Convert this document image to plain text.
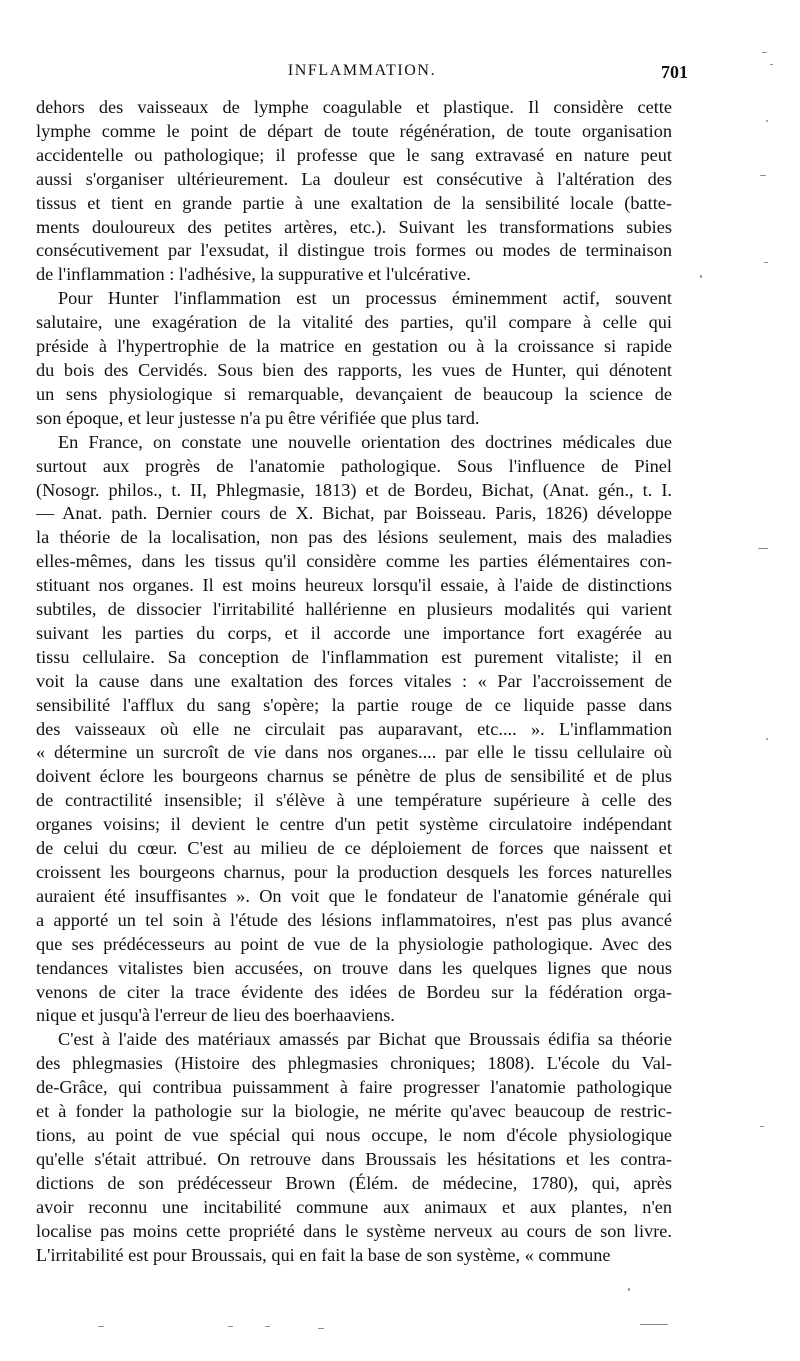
INFLAMMATION.	701

dehors des vaisseaux de lymphe coagulable et plastique. Il considère cette
lymphe comme le point de départ de toute régénération, de toute organisation
accidentelle ou pathologique; il professe que le sang extravasé en nature peut
aussi s'organiser ultérieurement. La douleur est consécutive à l'altération des
tissus et tient en grande partie à une exaltation de la sensibilité locale (batte-
ments douloureux des petites artères, etc.). Suivant les transformations subies
consécutivement par l'exsudat, il distingue trois formes ou modes de terminaison
de l'inflammation : l'adhésive, la suppurative et l'ulcérative.

Pour Hunter l'inflammation est un processus éminemment actif, souvent
salutaire, une exagération de la vitalité des parties, qu'il compare à celle qui
préside à l'hypertrophie de la matrice en gestation ou à la croissance si rapide
du bois des Cervidés. Sous bien des rapports, les vues de Hunter, qui dénotent
un sens physiologique si remarquable, devançaient de beaucoup la science de
son époque, et leur justesse n'a pu être vérifiée que plus tard.

En France, on constate une nouvelle orientation des doctrines médicales due
surtout aux progrès de l'anatomie pathologique. Sous l'influence de Pinel
(Nosogr. philos., t. II, Phlegmasie, 1813) et de Bordeu, Bichat, (Anat. gén., t. I.
— Anat. path. Dernier cours de X. Bichat, par Boisseau. Paris, 1826) développe
la théorie de la localisation, non pas des lésions seulement, mais des maladies
elles-mêmes, dans les tissus qu'il considère comme les parties élémentaires con-
stituant nos organes. Il est moins heureux lorsqu'il essaie, à l'aide de distinctions
subtiles, de dissocier l'irritabilité hallérienne en plusieurs modalités qui varient
suivant les parties du corps, et il accorde une importance fort exagérée au
tissu cellulaire. Sa conception de l'inflammation est purement vitaliste; il en
voit la cause dans une exaltation des forces vitales : « Par l'accroissement de
sensibilité l'afflux du sang s'opère; la partie rouge de ce liquide passe dans
des vaisseaux où elle ne circulait pas auparavant, etc.... ». L'inflammation
« détermine un surcroît de vie dans nos organes.... par elle le tissu cellulaire où
doivent éclore les bourgeons charnus se pénètre de plus de sensibilité et de plus
de contractilité insensible; il s'élève à une température supérieure à celle des
organes voisins; il devient le centre d'un petit système circulatoire indépendant
de celui du cœur. C'est au milieu de ce déploiement de forces que naissent et
croissent les bourgeons charnus, pour la production desquels les forces naturelles
auraient été insuffisantes ». On voit que le fondateur de l'anatomie générale qui
a apporté un tel soin à l'étude des lésions inflammatoires, n'est pas plus avancé
que ses prédécesseurs au point de vue de la physiologie pathologique. Avec des
tendances vitalistes bien accusées, on trouve dans les quelques lignes que nous
venons de citer la trace évidente des idées de Bordeu sur la fédération orga-
nique et jusqu'à l'erreur de lieu des boerhaaviens.

C'est à l'aide des matériaux amassés par Bichat que Broussais édifia sa théorie
des phlegmasies (Histoire des phlegmasies chroniques; 1808). L'école du Val-
de-Grâce, qui contribua puissamment à faire progresser l'anatomie pathologique
et à fonder la pathologie sur la biologie, ne mérite qu'avec beaucoup de restric-
tions, au point de vue spécial qui nous occupe, le nom d'école physiologique
qu'elle s'était attribué. On retrouve dans Broussais les hésitations et les contra-
dictions de son prédécesseur Brown (Élém. de médecine, 1780), qui, après
avoir reconnu une incitabilité commune aux animaux et aux plantes, n'en
localise pas moins cette propriété dans le système nerveux au cours de son livre.
L'irritabilité est pour Broussais, qui en fait la base de son système, « commune
